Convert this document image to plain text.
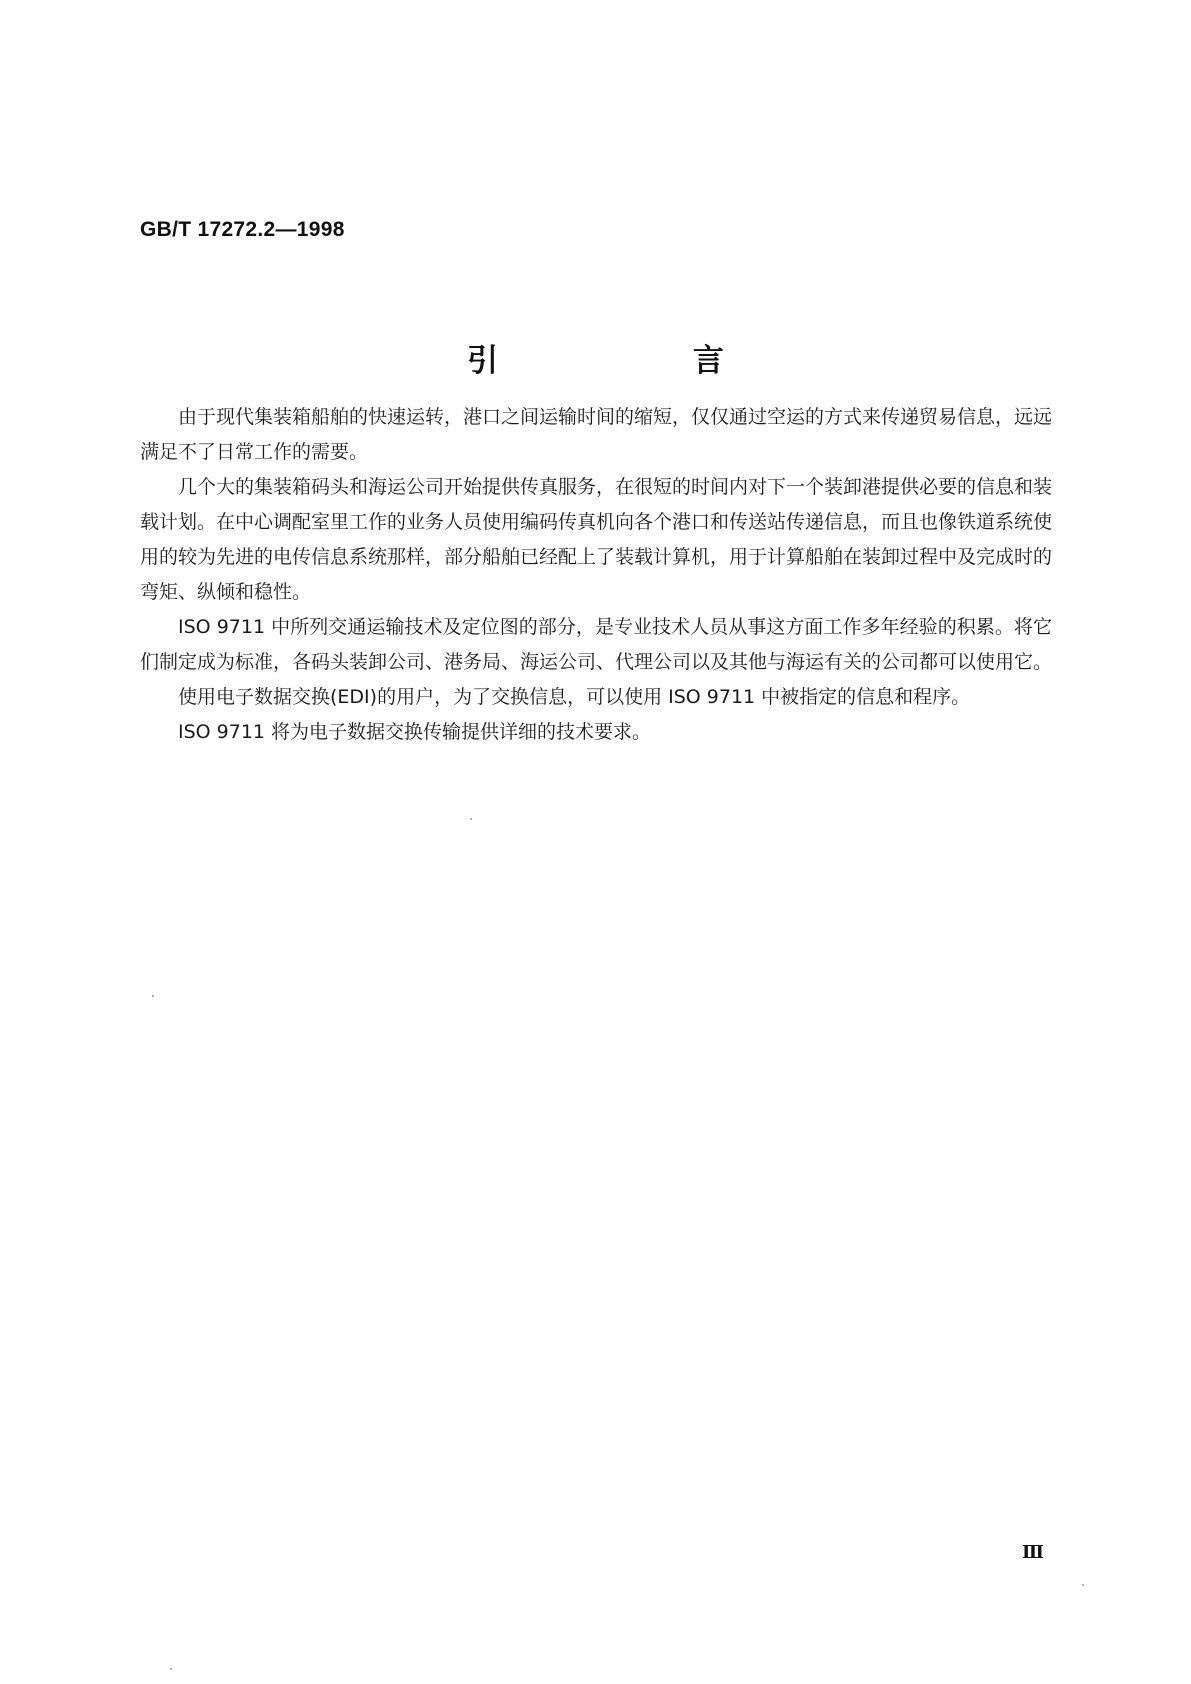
GB/T 17272.2—1998
引 言

由于现代集装箱船舶的快速运转，港口之间运输时间的缩短，仅仅通过空运的方式来传递贸易信息，远远满足不了日常工作的需要。

几个大的集装箱码头和海运公司开始提供传真服务，在很短的时间内对下一个装卸港提供必要的信息和装载计划。在中心调配室里工作的业务人员使用编码传真机向各个港口和传送站传递信息，而且也像铁道系统使用的较为先进的电传信息系统那样，部分船舶已经配上了装载计算机，用于计算船舶在装卸过程中及完成时的弯矩、纵倾和稳性。

ISO 9711 中所列交通运输技术及定位图的部分，是专业技术人员从事这方面工作多年经验的积累。将它们制定成为标准，各码头装卸公司、港务局、海运公司、代理公司以及其他与海运有关的公司都可以使用它。

使用电子数据交换(EDI)的用户，为了交换信息，可以使用 ISO 9711 中被指定的信息和程序。

ISO 9711 将为电子数据交换传输提供详细的技术要求。

Ⅲ
